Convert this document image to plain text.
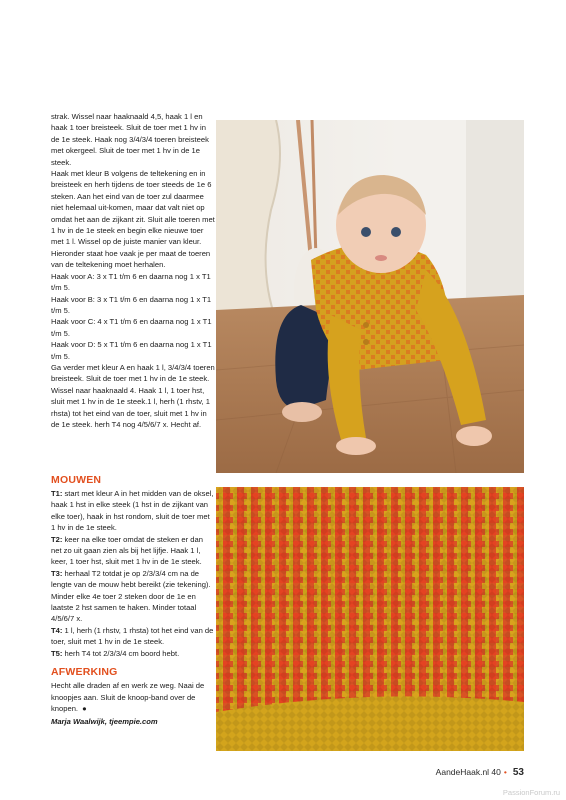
strak. Wissel naar haaknaald 4,5, haak 1 l en haak 1 toer breisteek. Sluit de toer met 1 hv in de 1e steek. Haak nog 3/4/3/4 toeren breisteek met okergeel. Sluit de toer met 1 hv in de 1e steek.

Haak met kleur B volgens de teltekening en in breisteek en herh tijdens de toer steeds de 1e 6 steken. Aan het eind van de toer zul daarmee niet helemaal uit-komen, maar dat valt niet op omdat het aan de zijkant zit. Sluit alle toeren met 1 hv in de 1e steek en begin elke nieuwe toer met 1 l. Wissel op de juiste manier van kleur. Hieronder staat hoe vaak je per maat de toeren van de teltekening moet herhalen.

Haak voor A: 3 x T1 t/m 6 en daarna nog 1 x T1 t/m 5.

Haak voor B: 3 x T1 t/m 6 en daarna nog 1 x T1 t/m 5.

Haak voor C: 4 x T1 t/m 6 en daarna nog 1 x T1 t/m 5.

Haak voor D: 5 x T1 t/m 6 en daarna nog 1 x T1 t/m 5.

Ga verder met kleur A en haak 1 l, 3/4/3/4 toeren breisteek. Sluit de toer met 1 hv in de 1e steek. Wissel naar haaknaald 4. Haak 1 l, 1 toer hst, sluit met 1 hv in de 1e steek.1 l, herh (1 rhstv, 1 rhsta) tot het eind van de toer, sluit met 1 hv in de 1e steek. herh T4 nog 4/5/6/7 x. Hecht af.

MOUWEN

T1: start met kleur A in het midden van de oksel, haak 1 hst in elke steek (1 hst in de zijkant van elke toer), haak in hst rondom, sluit de toer met 1 hv in de 1e steek.

T2: keer na elke toer omdat de steken er dan net zo uit gaan zien als bij het lijfje. Haak 1 l, keer, 1 toer hst, sluit met 1 hv in de 1e steek.

T3: herhaal T2 totdat je op 2/3/3/4 cm na de lengte van de mouw hebt bereikt (zie tekening). Minder elke 4e toer 2 steken door de 1e en laatste 2 hst samen te haken. Minder totaal 4/5/6/7 x.

T4: 1 l, herh (1 rhstv, 1 rhsta) tot het eind van de toer, sluit met 1 hv in de 1e steek.

T5: herh T4 tot 2/3/3/4 cm boord hebt.

AFWERKING

Hecht alle draden af en werk ze weg. Naai de knoopjes aan. Sluit de knoop-band over de knopen. ●

Marja Waalwijk, tjeempie.com

AandeHaak.nl 40 • 53
PassionForum.ru
